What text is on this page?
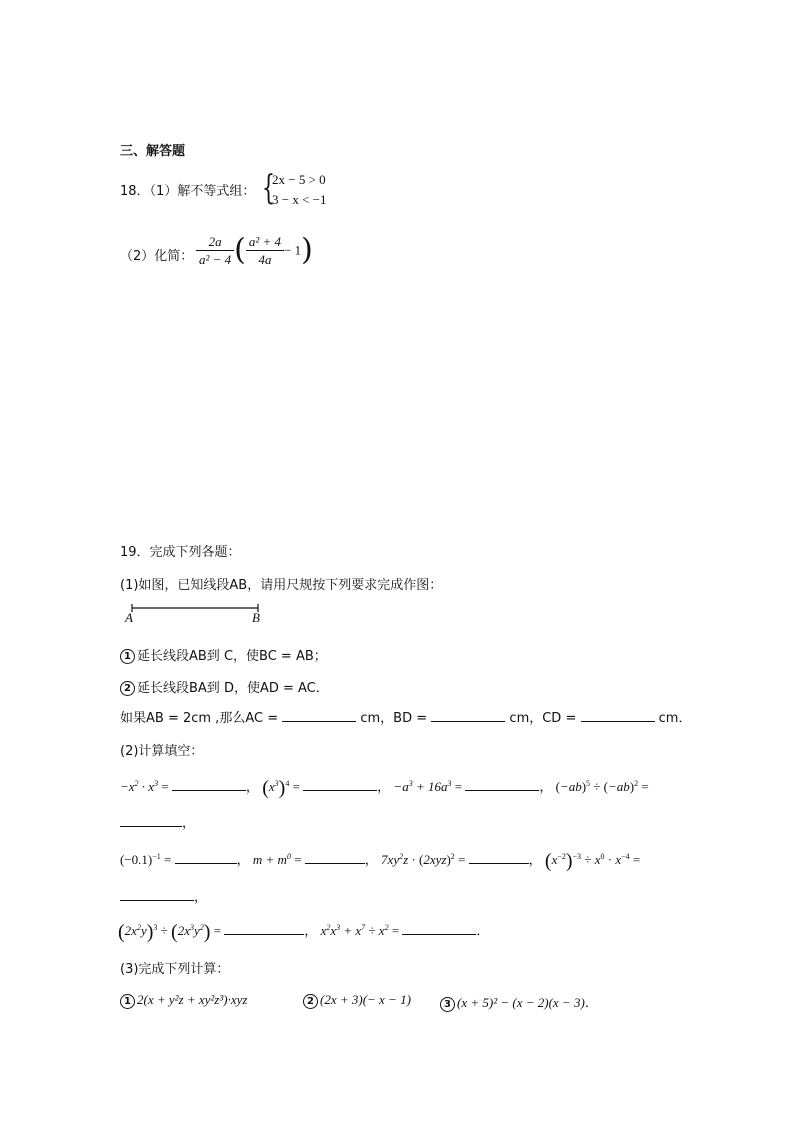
三、解答题
18．（1）解不等式组： {
2x − 5 > 0
3 − x < −1
（2）化简： $\frac{2a}{\text{a² − 4}}$ ( $\frac{\text{a² + 4}}{4a} - 1$)
19．完成下列各题：
(1)如图，已知线段AB，请用尺规按下列要求完成作图：
A	B
1 延长线段AB到 C，使BC = AB；
2 延长线段BA到 D，使AD = AC．
如果AB = 2cm ,那么AC =	cm，BD =	cm，CD =	cm．
(2)计算填空：
$-x^2 \cdot x^3$ =	， $(x^3)^4$ =	， $-a^3 + 16a^3$ =	， $(-ab)^5 \div (-ab)^2$ =
，
$(-0.1)^{-1}$ =	， $m + m^0$ =	， $7xy^2z \cdot (2xyz)^2$ =	， $(x^{-2})^{-3} \div x^0 \cdot x^{-4}$ =
，
$(2x^2y)^3 \div (2x^3y^2)$ =	， $x^2x^3 + x^7 \div x^2$ =	．
(3)完成下列计算：
1 2(x + y²z + xy²z³)·xyz	2 (2x + 3)(− x − 1)	3 (x + 5)² − (x − 2)(x − 3)．
